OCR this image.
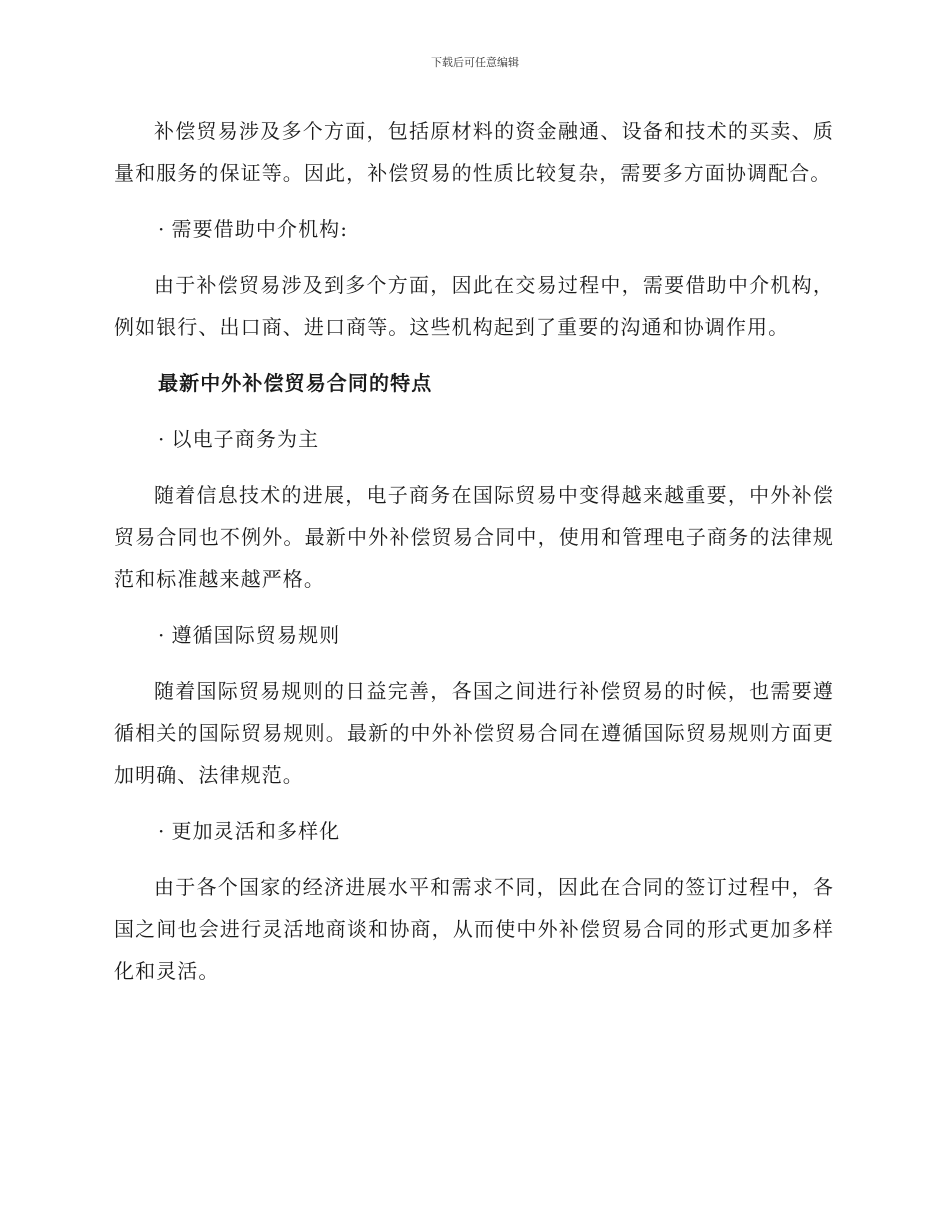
下载后可任意编辑

补偿贸易涉及多个方面，包括原材料的资金融通、设备和技术的买卖、质量和服务的保证等。因此，补偿贸易的性质比较复杂，需要多方面协调配合。

· 需要借助中介机构:

由于补偿贸易涉及到多个方面，因此在交易过程中，需要借助中介机构，例如银行、出口商、进口商等。这些机构起到了重要的沟通和协调作用。

最新中外补偿贸易合同的特点

· 以电子商务为主

随着信息技术的进展，电子商务在国际贸易中变得越来越重要，中外补偿贸易合同也不例外。最新中外补偿贸易合同中，使用和管理电子商务的法律规范和标准越来越严格。

· 遵循国际贸易规则

随着国际贸易规则的日益完善，各国之间进行补偿贸易的时候，也需要遵循相关的国际贸易规则。最新的中外补偿贸易合同在遵循国际贸易规则方面更加明确、法律规范。

· 更加灵活和多样化

由于各个国家的经济进展水平和需求不同，因此在合同的签订过程中，各国之间也会进行灵活地商谈和协商，从而使中外补偿贸易合同的形式更加多样化和灵活。
